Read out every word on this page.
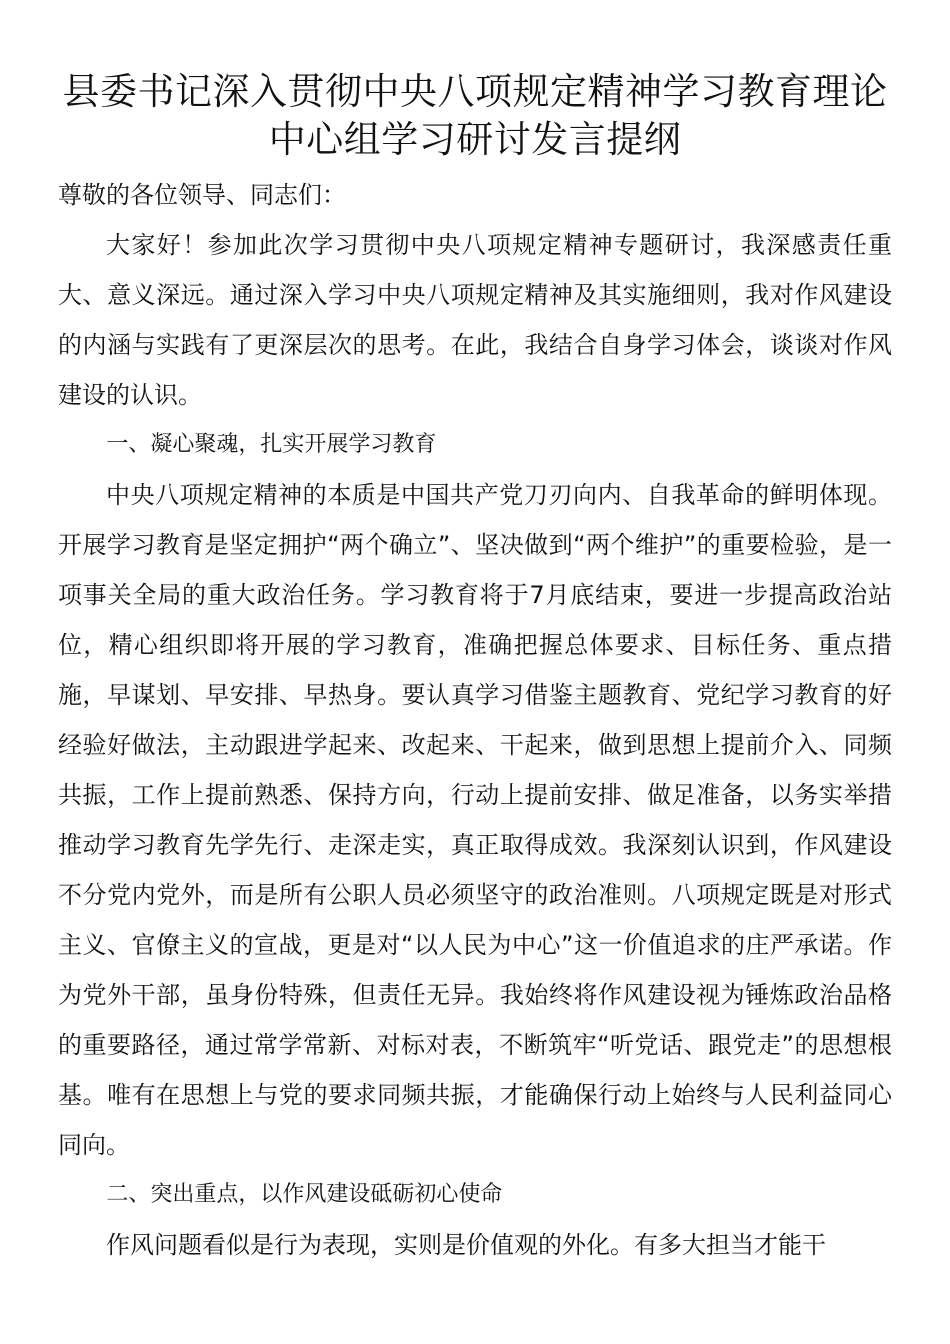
县委书记深入贯彻中央八项规定精神学习教育理论中心组学习研讨发言提纲

尊敬的各位领导、同志们：

大家好！参加此次学习贯彻中央八项规定精神专题研讨，我深感责任重大、意义深远。通过深入学习中央八项规定精神及其实施细则，我对作风建设的内涵与实践有了更深层次的思考。在此，我结合自身学习体会，谈谈对作风建设的认识。

一、凝心聚魂，扎实开展学习教育

中央八项规定精神的本质是中国共产党刀刃向内、自我革命的鲜明体现。开展学习教育是坚定拥护“两个确立”、坚决做到“两个维护”的重要检验，是一项事关全局的重大政治任务。学习教育将于7月底结束，要进一步提高政治站位，精心组织即将开展的学习教育，准确把握总体要求、目标任务、重点措施，早谋划、早安排、早热身。要认真学习借鉴主题教育、党纪学习教育的好经验好做法，主动跟进学起来、改起来、干起来，做到思想上提前介入、同频共振，工作上提前熟悉、保持方向，行动上提前安排、做足准备，以务实举措推动学习教育先学先行、走深走实，真正取得成效。我深刻认识到，作风建设不分党内党外，而是所有公职人员必须坚守的政治准则。八项规定既是对形式主义、官僚主义的宣战，更是对“以人民为中心”这一价值追求的庄严承诺。作为党外干部，虽身份特殊，但责任无异。我始终将作风建设视为锤炼政治品格的重要路径，通过常学常新、对标对表，不断筑牢“听党话、跟党走”的思想根基。唯有在思想上与党的要求同频共振，才能确保行动上始终与人民利益同心同向。

二、突出重点，以作风建设砥砺初心使命

作风问题看似是行为表现，实则是价值观的外化。有多大担当才能干
